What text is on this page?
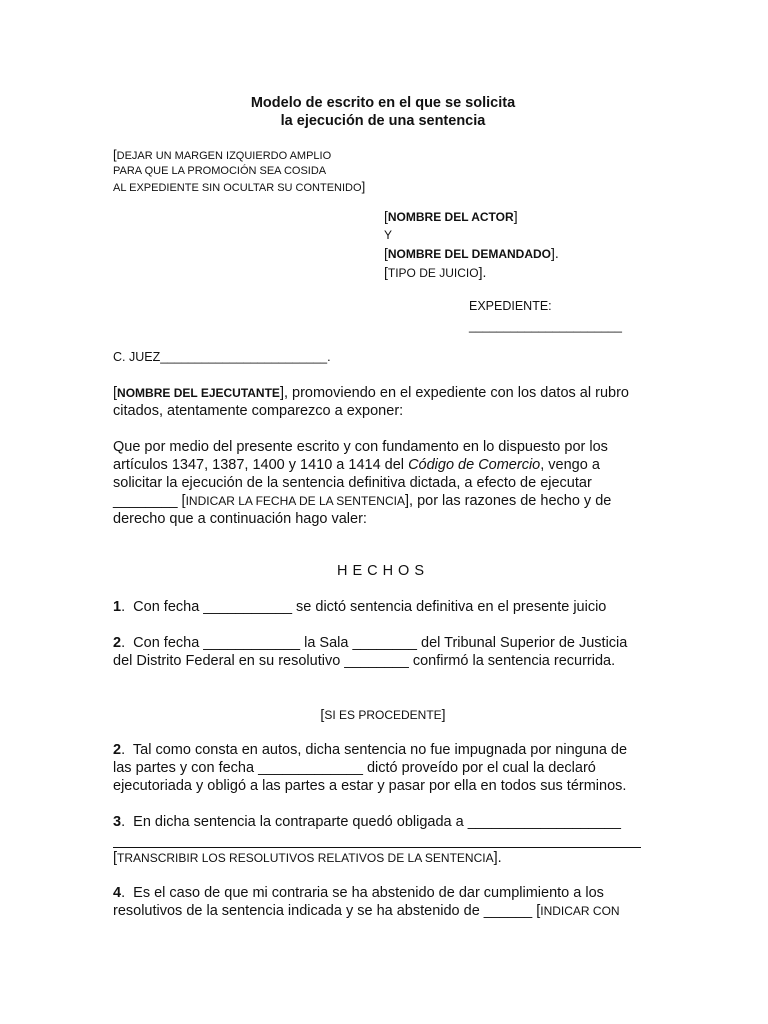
Modelo de escrito en el que se solicita
la ejecución de una sentencia
[DEJAR UN MARGEN IZQUIERDO AMPLIO
PARA QUE LA PROMOCIÓN SEA COSIDA
AL EXPEDIENTE SIN OCULTAR SU CONTENIDO]
[NOMBRE DEL ACTOR]
Y
[NOMBRE DEL DEMANDADO].
[TIPO DE JUICIO].
EXPEDIENTE:
______________________
C. JUEZ________________________.
[NOMBRE DEL EJECUTANTE], promoviendo en el expediente con los datos al rubro
citados, atentamente comparezco a exponer:
Que por medio del presente escrito y con fundamento en lo dispuesto por los
artículos 1347, 1387, 1400 y 1410 a 1414 del Código de Comercio, vengo a
solicitar la ejecución de la sentencia definitiva dictada, a efecto de ejecutar
________ [INDICAR LA FECHA DE LA SENTENCIA], por las razones de hecho y de
derecho que a continuación hago valer:
HECHOS
1.  Con fecha ___________ se dictó sentencia definitiva en el presente juicio
2.  Con fecha ____________ la Sala ________ del Tribunal Superior de Justicia
del Distrito Federal en su resolutivo ________ confirmó la sentencia recurrida.
[SI ES PROCEDENTE]
2.  Tal como consta en autos, dicha sentencia no fue impugnada por ninguna de
las partes y con fecha _____________ dictó proveído por el cual la declaró
ejecutoriada y obligó a las partes a estar y pasar por ella en todos sus términos.
3.  En dicha sentencia la contraparte quedó obligada a ___________________
[TRANSCRIBIR LOS RESOLUTIVOS RELATIVOS DE LA SENTENCIA].
4.  Es el caso de que mi contraria se ha abstenido de dar cumplimiento a los
resolutivos de la sentencia indicada y se ha abstenido de ______ [INDICAR CON
